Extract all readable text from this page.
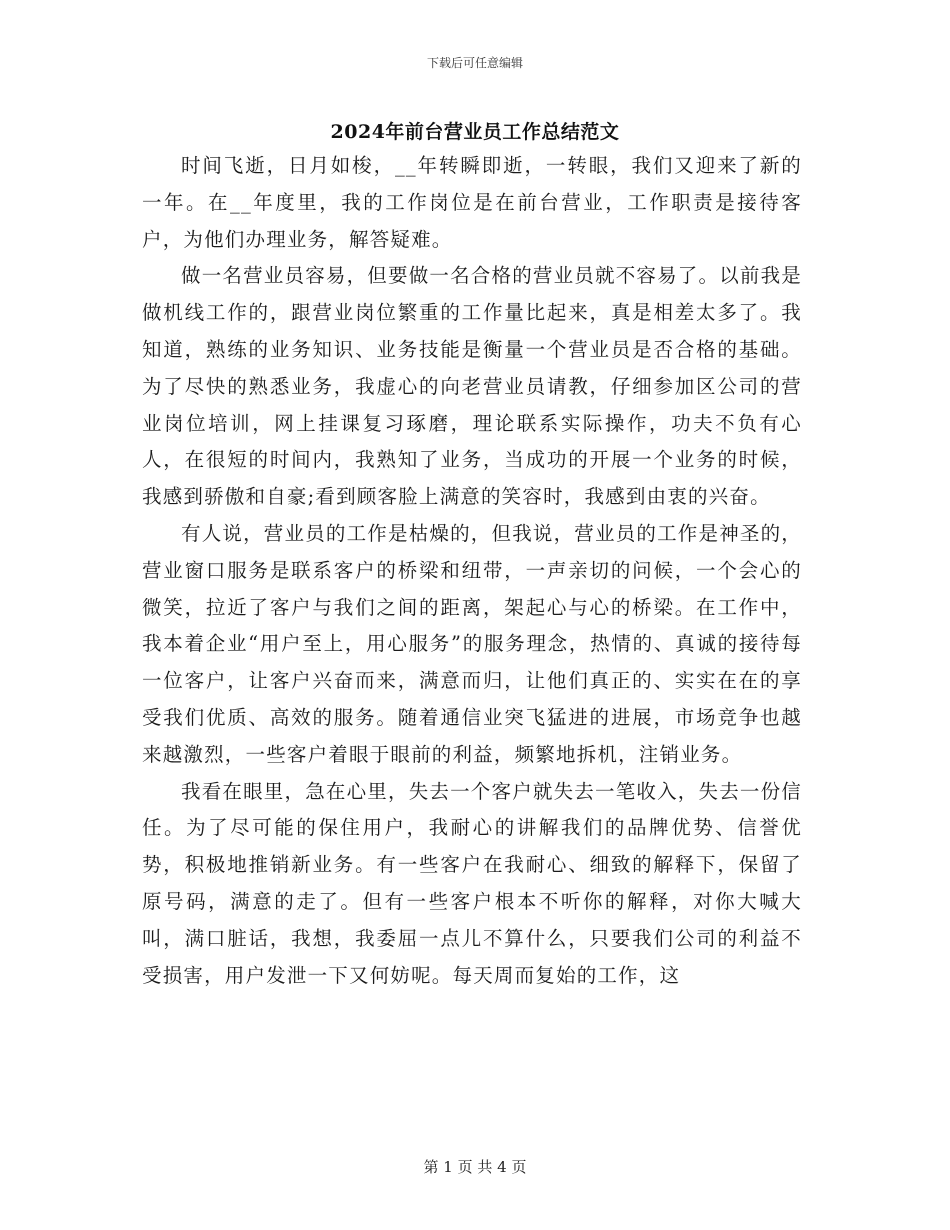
下载后可任意编辑
2024年前台营业员工作总结范文

时间飞逝，日月如梭，__年转瞬即逝，一转眼，我们又迎来了新的一年。在__年度里，我的工作岗位是在前台营业，工作职责是接待客户，为他们办理业务，解答疑难。

做一名营业员容易，但要做一名合格的营业员就不容易了。以前我是做机线工作的，跟营业岗位繁重的工作量比起来，真是相差太多了。我知道，熟练的业务知识、业务技能是衡量一个营业员是否合格的基础。为了尽快的熟悉业务，我虚心的向老营业员请教，仔细参加区公司的营业岗位培训，网上挂课复习琢磨，理论联系实际操作，功夫不负有心人，在很短的时间内，我熟知了业务，当成功的开展一个业务的时候，我感到骄傲和自豪;看到顾客脸上满意的笑容时，我感到由衷的兴奋。

有人说，营业员的工作是枯燥的，但我说，营业员的工作是神圣的，营业窗口服务是联系客户的桥梁和纽带，一声亲切的问候，一个会心的微笑，拉近了客户与我们之间的距离，架起心与心的桥梁。在工作中，我本着企业“用户至上，用心服务”的服务理念，热情的、真诚的接待每一位客户，让客户兴奋而来，满意而归，让他们真正的、实实在在的享受我们优质、高效的服务。随着通信业突飞猛进的进展，市场竞争也越来越激烈，一些客户着眼于眼前的利益，频繁地拆机，注销业务。

我看在眼里，急在心里，失去一个客户就失去一笔收入，失去一份信任。为了尽可能的保住用户，我耐心的讲解我们的品牌优势、信誉优势，积极地推销新业务。有一些客户在我耐心、细致的解释下，保留了原号码，满意的走了。但有一些客户根本不听你的解释，对你大喊大叫，满口脏话，我想，我委屈一点儿不算什么，只要我们公司的利益不受损害，用户发泄一下又何妨呢。每天周而复始的工作，这

第 1 页 共 4 页
